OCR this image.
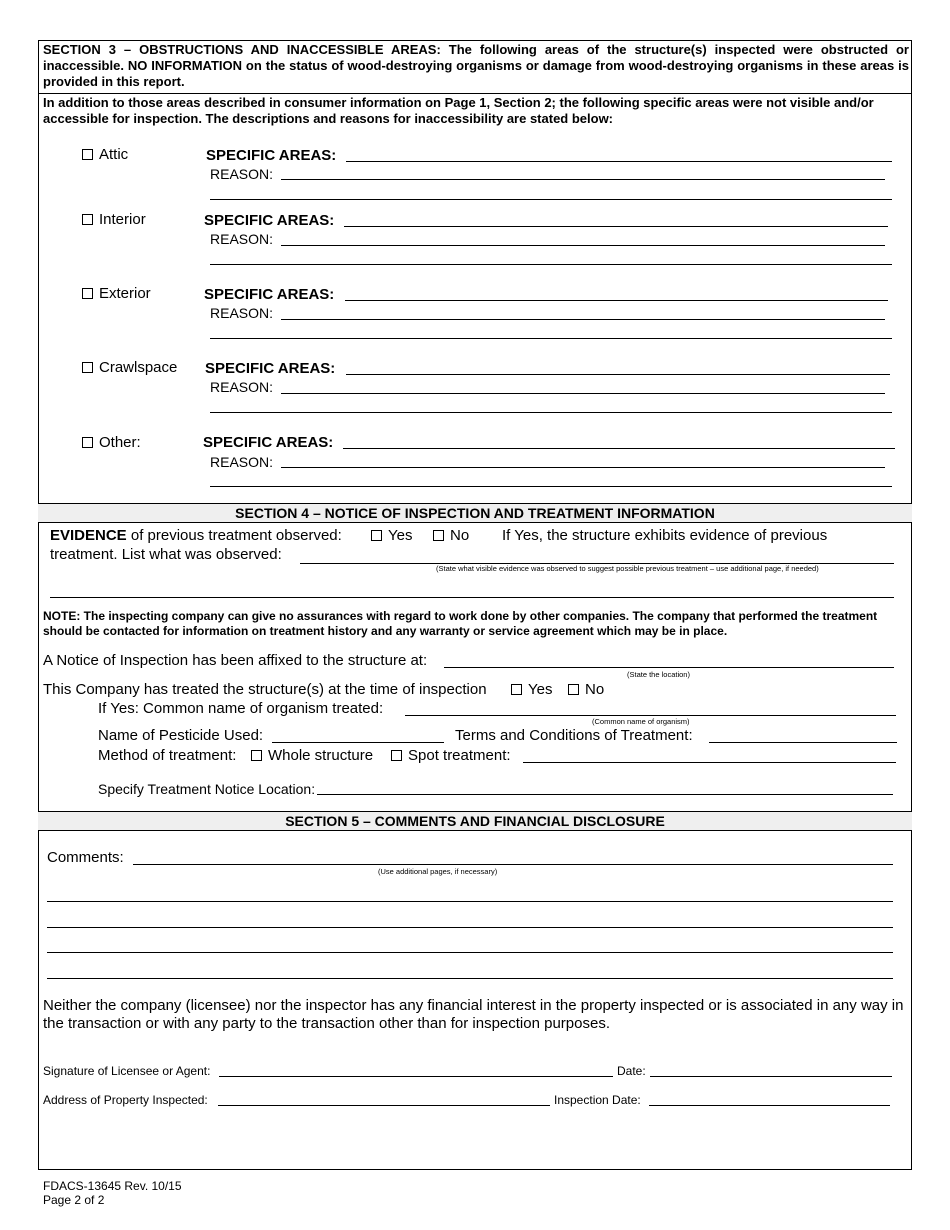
SECTION 3 – OBSTRUCTIONS AND INACCESSIBLE AREAS: The following areas of the structure(s) inspected were obstructed or inaccessible. NO INFORMATION on the status of wood-destroying organisms or damage from wood-destroying organisms in these areas is provided in this report.
In addition to those areas described in consumer information on Page 1, Section 2; the following specific areas were not visible and/or accessible for inspection. The descriptions and reasons for inaccessibility are stated below:
Attic	SPECIFIC AREAS:
REASON:
Interior	SPECIFIC AREAS:
REASON:
Exterior	SPECIFIC AREAS:
REASON:
Crawlspace SPECIFIC AREAS:
REASON:
Other:	SPECIFIC AREAS:
REASON:
SECTION 4 – NOTICE OF INSPECTION AND TREATMENT INFORMATION
EVIDENCE of previous treatment observed:	Yes	No If Yes, the structure exhibits evidence of previous
treatment. List what was observed:
(State what visible evidence was observed to suggest possible previous treatment – use additional page, if needed)
NOTE: The inspecting company can give no assurances with regard to work done by other companies. The company that performed the treatment should be contacted for information on treatment history and any warranty or service agreement which may be in place.
A Notice of Inspection has been affixed to the structure at:
(State the location)
This Company has treated the structure(s) at the time of inspection	Yes	No
If Yes: Common name of organism treated:
(Common name of organism)
Name of Pesticide Used:	Terms and Conditions of Treatment:
Method of treatment:	Whole structure	Spot treatment:
Specify Treatment Notice Location:
SECTION 5 – COMMENTS AND FINANCIAL DISCLOSURE
Comments:
(Use additional pages, if necessary)
Neither the company (licensee) nor the inspector has any financial interest in the property inspected or is associated in any way in the transaction or with any party to the transaction other than for inspection purposes.
Signature of Licensee or Agent:	Date:
Address of Property Inspected:	Inspection Date:
FDACS-13645 Rev. 10/15
Page 2 of 2
